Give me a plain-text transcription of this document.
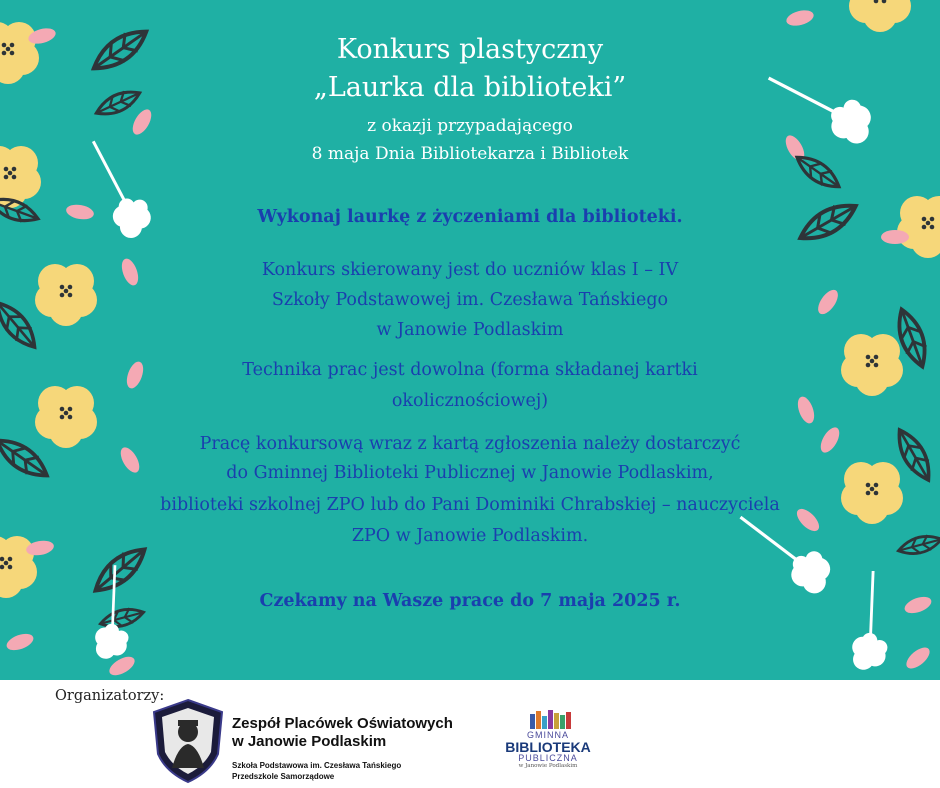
Konkurs plastyczny
„Laurka dla biblioteki”
z okazji przypadającego
8 maja Dnia Bibliotekarza i Bibliotek
Wykonaj laurkę z życzeniami dla biblioteki.
Konkurs skierowany jest do uczniów klas I – IV
Szkoły Podstawowej im. Czesława Tańskiego
w Janowie Podlaskim
Technika prac jest dowolna (forma składanej kartki
okolicznościowej)
Pracę konkursową wraz z kartą zgłoszenia należy dostarczyć
do Gminnej Biblioteki Publicznej w Janowie Podlaskim,
biblioteki szkolnej ZPO lub do Pani Dominiki Chrabskiej – nauczyciela
ZPO w Janowie Podlaskim.
Czekamy na Wasze prace do 7 maja 2025 r.
Organizatorzy:
Zespół Placówek Oświatowych
w Janowie Podlaskim
Szkoła Podstawowa im. Czesława Tańskiego
Przedszkole Samorządowe
GMINNA
BIBLIOTEKA
PUBLICZNA
w Janowie Podlaskim
